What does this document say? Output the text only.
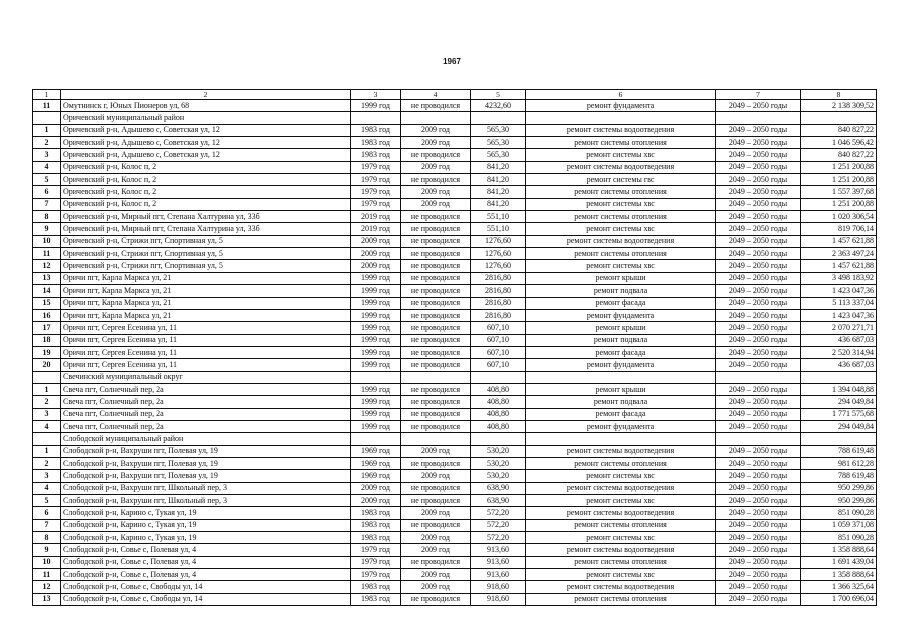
1967
1	2	3	4	5	6	7	8
11	Омутнинск г, Юных Пионеров ул, 68	1999 год	не проводился	4232,60	ремонт фундамента	2049 – 2050 годы	2 138 309,52
	Оричевский муниципальный район						
1	Оричевский р-н, Адышево с, Советская ул, 12	1983 год	2009 год	565,30	ремонт системы водоотведения	2049 – 2050 годы	840 827,22
2	Оричевский р-н, Адышево с, Советская ул, 12	1983 год	2009 год	565,30	ремонт системы отопления	2049 – 2050 годы	1 046 596,42
3	Оричевский р-н, Адышево с, Советская ул, 12	1983 год	не проводился	565,30	ремонт системы хвс	2049 – 2050 годы	840 827,22
4	Оричевский р-н, Колос п, 2	1979 год	2009 год	841,20	ремонт системы водоотведения	2049 – 2050 годы	1 251 200,88
5	Оричевский р-н, Колос п, 2	1979 год	не проводился	841,20	ремонт системы гвс	2049 – 2050 годы	1 251 200,88
6	Оричевский р-н, Колос п, 2	1979 год	2009 год	841,20	ремонт системы отопления	2049 – 2050 годы	1 557 397,68
7	Оричевский р-н, Колос п, 2	1979 год	2009 год	841,20	ремонт системы хвс	2049 – 2050 годы	1 251 200,88
8	Оричевский р-н, Мирный пгт, Степана Халтурина ул, 33б	2019 год	не проводился	551,10	ремонт системы отопления	2049 – 2050 годы	1 020 306,54
9	Оричевский р-н, Мирный пгт, Степана Халтурина ул, 33б	2019 год	не проводился	551,10	ремонт системы хвс	2049 – 2050 годы	819 706,14
10	Оричевский р-н, Стрижи пгт, Спортивная ул, 5	2009 год	не проводился	1276,60	ремонт системы водоотведения	2049 – 2050 годы	1 457 621,88
11	Оричевский р-н, Стрижи пгт, Спортивная ул, 5	2009 год	не проводился	1276,60	ремонт системы отопления	2049 – 2050 годы	2 363 497,24
12	Оричевский р-н, Стрижи пгт, Спортивная ул, 5	2009 год	не проводился	1276,60	ремонт системы хвс	2049 – 2050 годы	1 457 621,88
13	Оричи пгт, Карла Маркса ул, 21	1999 год	не проводился	2816,80	ремонт крыши	2049 – 2050 годы	3 498 183,92
14	Оричи пгт, Карла Маркса ул, 21	1999 год	не проводился	2816,80	ремонт подвала	2049 – 2050 годы	1 423 047,36
15	Оричи пгт, Карла Маркса ул, 21	1999 год	не проводился	2816,80	ремонт фасада	2049 – 2050 годы	5 113 337,04
16	Оричи пгт, Карла Маркса ул, 21	1999 год	не проводился	2816,80	ремонт фундамента	2049 – 2050 годы	1 423 047,36
17	Оричи пгт, Сергея Есенина ул, 11	1999 год	не проводился	607,10	ремонт крыши	2049 – 2050 годы	2 070 271,71
18	Оричи пгт, Сергея Есенина ул, 11	1999 год	не проводился	607,10	ремонт подвала	2049 – 2050 годы	436 687,03
19	Оричи пгт, Сергея Есенина ул, 11	1999 год	не проводился	607,10	ремонт фасада	2049 – 2050 годы	2 520 314,94
20	Оричи пгт, Сергея Есенина ул, 11	1999 год	не проводился	607,10	ремонт фундамента	2049 – 2050 годы	436 687,03
	Свечинский муниципальный округ						
1	Свеча пгт, Солнечный пер, 2а	1999 год	не проводился	408,80	ремонт крыши	2049 – 2050 годы	1 394 048,88
2	Свеча пгт, Солнечный пер, 2а	1999 год	не проводился	408,80	ремонт подвала	2049 – 2050 годы	294 049,84
3	Свеча пгт, Солнечный пер, 2а	1999 год	не проводился	408,80	ремонт фасада	2049 – 2050 годы	1 771 575,68
4	Свеча пгт, Солнечный пер, 2а	1999 год	не проводился	408,80	ремонт фундамента	2049 – 2050 годы	294 049,84
	Слободской муниципальный район						
1	Слободской р-н, Вахруши пгт, Полевая ул, 19	1969 год	2009 год	530,20	ремонт системы водоотведения	2049 – 2050 годы	788 619,48
2	Слободской р-н, Вахруши пгт, Полевая ул, 19	1969 год	не проводился	530,20	ремонт системы отопления	2049 – 2050 годы	981 612,28
3	Слободской р-н, Вахруши пгт, Полевая ул, 19	1969 год	2009 год	530,20	ремонт системы хвс	2049 – 2050 годы	788 619,48
4	Слободской р-н, Вахруши пгт, Школьный пер, 3	2009 год	не проводился	638,90	ремонт системы водоотведения	2049 – 2050 годы	950 299,86
5	Слободской р-н, Вахруши пгт, Школьный пер, 3	2009 год	не проводился	638,90	ремонт системы хвс	2049 – 2050 годы	950 299,86
6	Слободской р-н, Карино с, Тукая ул, 19	1983 год	2009 год	572,20	ремонт системы водоотведения	2049 – 2050 годы	851 090,28
7	Слободской р-н, Карино с, Тукая ул, 19	1983 год	не проводился	572,20	ремонт системы отопления	2049 – 2050 годы	1 059 371,08
8	Слободской р-н, Карино с, Тукая ул, 19	1983 год	2009 год	572,20	ремонт системы хвс	2049 – 2050 годы	851 090,28
9	Слободской р-н, Совье с, Полевая ул, 4	1979 год	2009 год	913,60	ремонт системы водоотведения	2049 – 2050 годы	1 358 888,64
10	Слободской р-н, Совье с, Полевая ул, 4	1979 год	не проводился	913,60	ремонт системы отопления	2049 – 2050 годы	1 691 439,04
11	Слободской р-н, Совье с, Полевая ул, 4	1979 год	2009 год	913,60	ремонт системы хвс	2049 – 2050 годы	1 358 888,64
12	Слободской р-н, Совье с, Свободы ул, 14	1983 год	2009 год	918,60	ремонт системы водоотведения	2049 – 2050 годы	1 366 325,64
13	Слободской р-н, Совье с, Свободы ул, 14	1983 год	не проводился	918,60	ремонт системы отопления	2049 – 2050 годы	1 700 696,04
